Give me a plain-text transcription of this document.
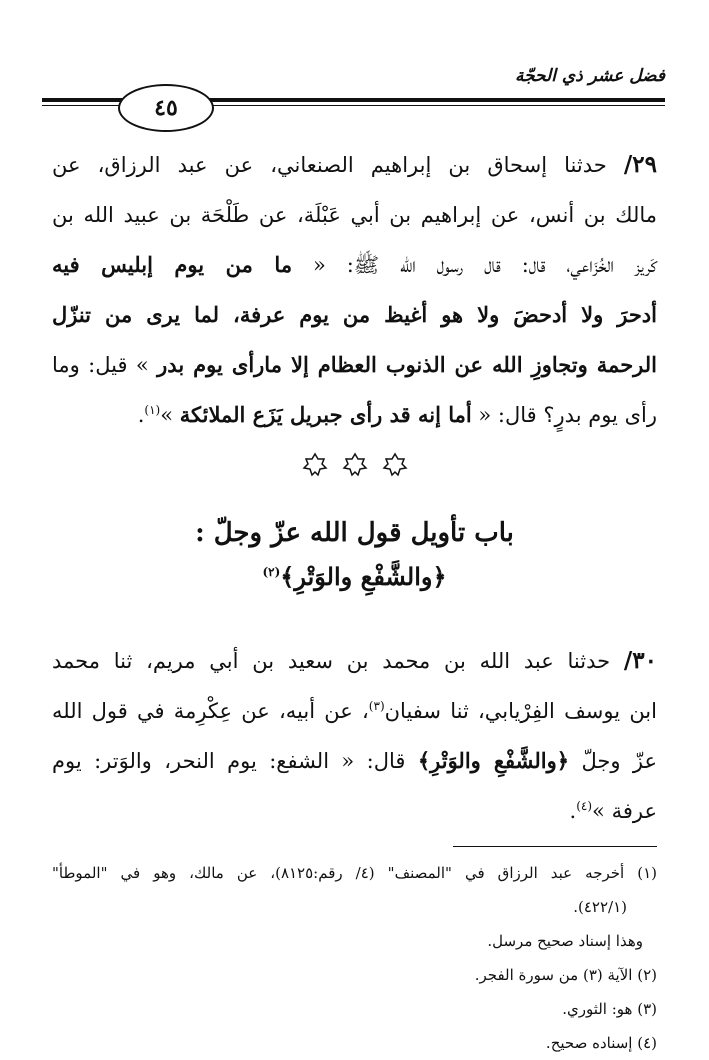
فضل عشر ذي الحجّة
٤٥
٢٩/ حدثنا إسحاق بن إبراهيم الصنعاني، عن عبد الرزاق، عن
مالك بن أنس، عن إبراهيم بن أبي عَبْلَة، عن طَلْحَة بن عبيد الله بن
كَريز الخُزَاعي، قال: قال رسول الله ﷺ: « ما من يوم إبليس فيه
أدحرَ ولا أدحضَ ولا هو أغيظ من يوم عرفة، لما يرى من تنزّل
الرحمة وتجاوزِ الله عن الذنوب العظام إلا مارأى يوم بدر » قيل: وما
رأى يوم بدرٍ؟ قال: « أما إنه قد رأى جبريل يَزَع الملائكة »$^{(١)}$.
باب تأويل قول الله عزّ وجلّ :
﴿والشَّفْعِ والوَتْرِ﴾$^{(٢)}$
٣٠/ حدثنا عبد الله بن محمد بن سعيد بن أبي مريم، ثنا محمد
ابن يوسف الفِرْيابي، ثنا سفيان$^{(٣)}$، عن أبيه، عن عِكْرِمة في قول الله
عزّ وجلّ ﴿والشَّفْعِ والوَتْرِ﴾ قال: « الشفع: يوم النحر، والوَتر: يوم
عرفة »$^{(٤)}$.
(١) أخرجه عبد الرزاق في "المصنف" (٤/ رقم:٨١٢٥)، عن مالك، وهو في "الموطأ"
(٤٢٢/١).
وهذا إسناد صحيح مرسل.
(٢) الآية (٣) من سورة الفجر.
(٣) هو: الثوري.
(٤) إسناده صحيح.
